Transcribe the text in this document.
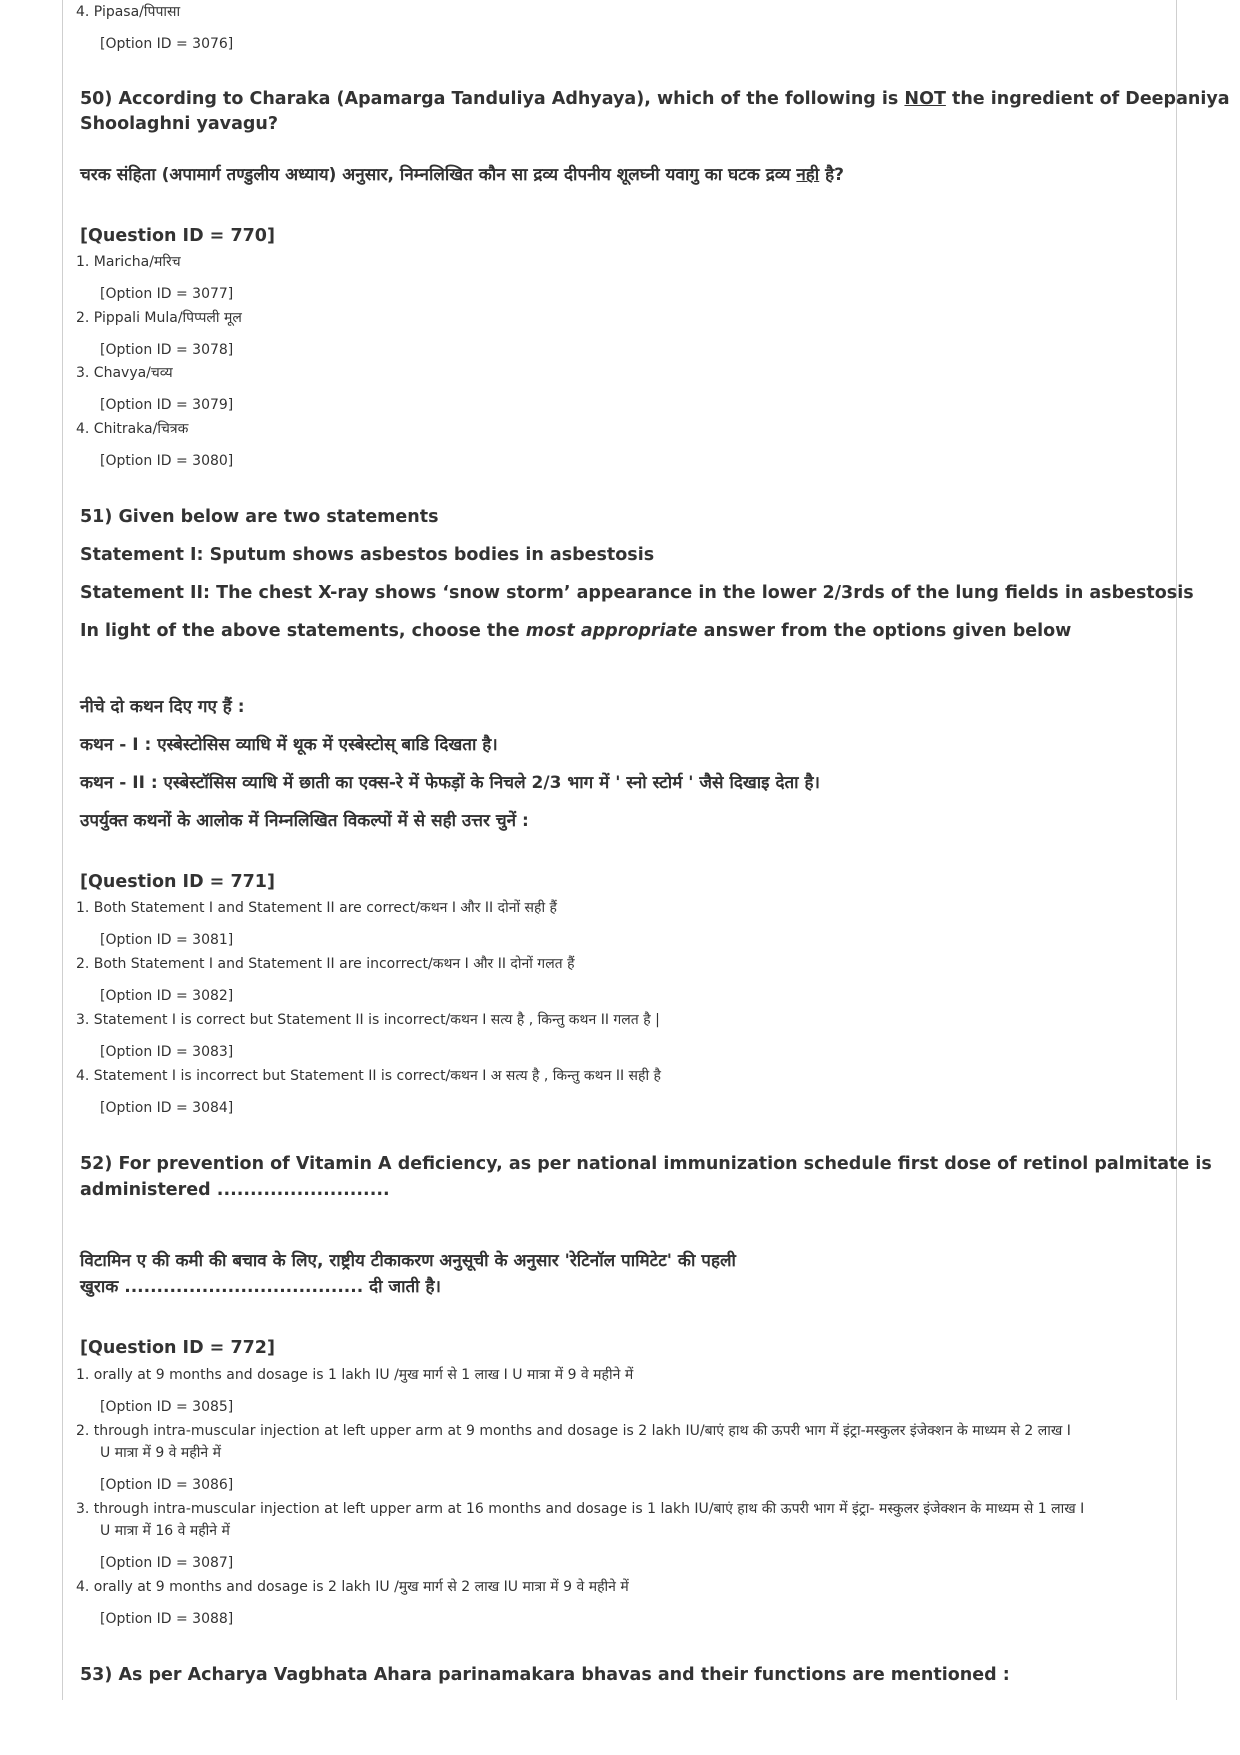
4. Pipasa/पिपासा
[Option ID = 3076]
50) According to Charaka (Apamarga Tanduliya Adhyaya), which of the following is NOT the ingredient of Deepaniya
Shoolaghni yavagu?
चरक संहिता (अपामार्ग तण्डुलीय अध्याय) अनुसार, निम्नलिखित कौन सा द्रव्य दीपनीय शूलघ्नी यवागु का घटक द्रव्य नही है?
[Question ID = 770]
1. Maricha/मरिच
[Option ID = 3077]
2. Pippali Mula/पिप्पली मूल
[Option ID = 3078]
3. Chavya/चव्य
[Option ID = 3079]
4. Chitraka/चित्रक
[Option ID = 3080]
51) Given below are two statements
Statement I: Sputum shows asbestos bodies in asbestosis
Statement II: The chest X-ray shows ‘snow storm’ appearance in the lower 2/3rds of the lung fields in asbestosis
In light of the above statements, choose the most appropriate answer from the options given below
नीचे दो कथन दिए गए हैं :
कथन - I : एस्बेस्टोसिस व्याधि में थूक में एस्बेस्टोस् बाडि दिखता है।
कथन - II : एस्बेस्टॉसिस व्याधि में छाती का एक्स-रे में फेफड़ों के निचले 2/3 भाग में ' स्नो स्टोर्म ' जैसे दिखाइ देता है।
उपर्युक्त कथनों के आलोक में निम्नलिखित विकल्पों में से सही उत्तर चुनें :
[Question ID = 771]
1. Both Statement I and Statement II are correct/कथन I और II दोनों सही हैं
[Option ID = 3081]
2. Both Statement I and Statement II are incorrect/कथन I और II दोनों गलत हैं
[Option ID = 3082]
3. Statement I is correct but Statement II is incorrect/कथन I सत्य है , किन्तु कथन II गलत है |
[Option ID = 3083]
4. Statement I is incorrect but Statement II is correct/कथन I अ सत्य है , किन्तु कथन II सही है
[Option ID = 3084]
52) For prevention of Vitamin A deficiency, as per national immunization schedule first dose of retinol palmitate is
administered ..........................
विटामिन ए की कमी की बचाव के लिए, राष्ट्रीय टीकाकरण अनुसूची के अनुसार 'रेटिनॉल पामिटेट' की पहली
खुराक ..................................... दी जाती है।
[Question ID = 772]
1. orally at 9 months and dosage is 1 lakh IU /मुख मार्ग से 1 लाख I U मात्रा में 9 वे महीने में
[Option ID = 3085]
2. through intra-muscular injection at left upper arm at 9 months and dosage is 2 lakh IU/बाएं हाथ की ऊपरी भाग में इंट्रा-मस्कुलर इंजेक्शन के माध्यम से 2 लाख I
U मात्रा में 9 वे महीने में
[Option ID = 3086]
3. through intra-muscular injection at left upper arm at 16 months and dosage is 1 lakh IU/बाएं हाथ की ऊपरी भाग में इंट्रा- मस्कुलर इंजेक्शन के माध्यम से 1 लाख I
U मात्रा में 16 वे महीने में
[Option ID = 3087]
4. orally at 9 months and dosage is 2 lakh IU /मुख मार्ग से 2 लाख IU मात्रा में 9 वे महीने में
[Option ID = 3088]
53) As per Acharya Vagbhata Ahara parinamakara bhavas and their functions are mentioned :
